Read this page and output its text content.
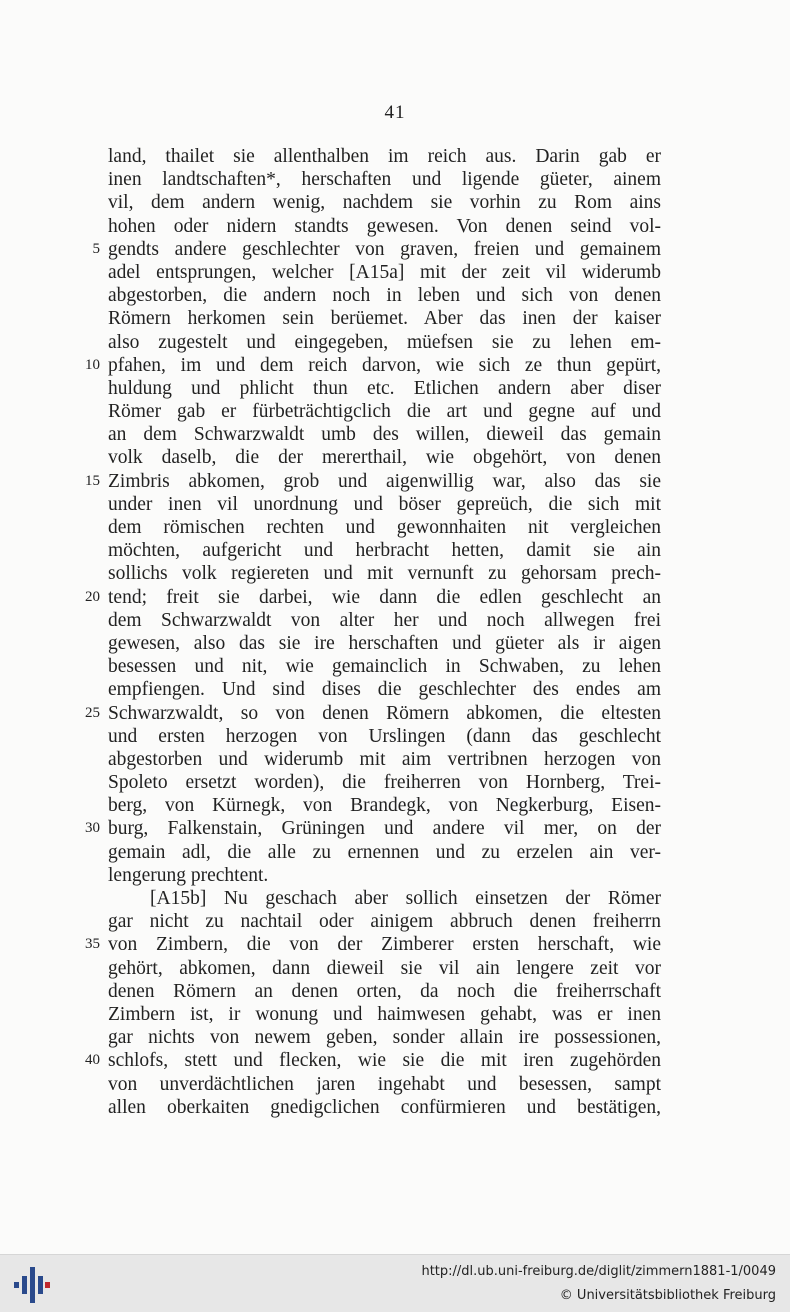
41
land, thailet sie allenthalben im reich aus. Darin gab er
inen landtschaften*, herschaften und ligende güeter, ainem
vil, dem andern wenig, nachdem sie vorhin zu Rom ains
hohen oder nidern standts gewesen. Von denen seind vol-
5 gendts andere geschlechter von graven, freien und gemainem
adel entsprungen, welcher [A15a] mit der zeit vil widerumb
abgestorben, die andern noch in leben und sich von denen
Römern herkomen sein berüemet. Aber das inen der kaiser
also zugestelt und eingegeben, müefsen sie zu lehen em-
10 pfahen, im und dem reich darvon, wie sich ze thun gepürt,
huldung und phlicht thun etc. Etlichen andern aber diser
Römer gab er fürbeträchtigclich die art und gegne auf und
an dem Schwarzwaldt umb des willen, dieweil das gemain
volk daselb, die der mererthail, wie obgehört, von denen
15 Zimbris abkomen, grob und aigenwillig war, also das sie
under inen vil unordnung und böser gepreüch, die sich mit
dem römischen rechten und gewonnhaiten nit vergleichen
möchten, aufgericht und herbracht hetten, damit sie ain
sollichs volk regiereten und mit vernunft zu gehorsam prech-
20 tend; freit sie darbei, wie dann die edlen geschlecht an
dem Schwarzwaldt von alter her und noch allwegen frei
gewesen, also das sie ire herschaften und güeter als ir aigen
besessen und nit, wie gemainclich in Schwaben, zu lehen
empfiengen. Und sind dises die geschlechter des endes am
25 Schwarzwaldt, so von denen Römern abkomen, die eltesten
und ersten herzogen von Urslingen (dann das geschlecht
abgestorben und widerumb mit aim vertribnen herzogen von
Spoleto ersetzt worden), die freiherren von Hornberg, Trei-
berg, von Kürnegk, von Brandegk, von Negkerburg, Eisen-
30 burg, Falkenstain, Grüningen und andere vil mer, on der
gemain adl, die alle zu ernennen und zu erzelen ain ver-
lengerung prechtent.
[A15b] Nu geschach aber sollich einsetzen der Römer
gar nicht zu nachtail oder ainigem abbruch denen freiherrn
35 von Zimbern, die von der Zimberer ersten herschaft, wie
gehört, abkomen, dann dieweil sie vil ain lengere zeit vor
denen Römern an denen orten, da noch die freiherrschaft
Zimbern ist, ir wonung und haimwesen gehabt, was er inen
gar nichts von newem geben, sonder allain ire possessionen,
40 schlofs, stett und flecken, wie sie die mit iren zugehörden
von unverdächtlichen jaren ingehabt und besessen, sampt
allen oberkaiten gnedigclichen confürmieren und bestätigen,
http://dl.ub.uni-freiburg.de/diglit/zimmern1881-1/0049
© Universitätsbibliothek Freiburg
